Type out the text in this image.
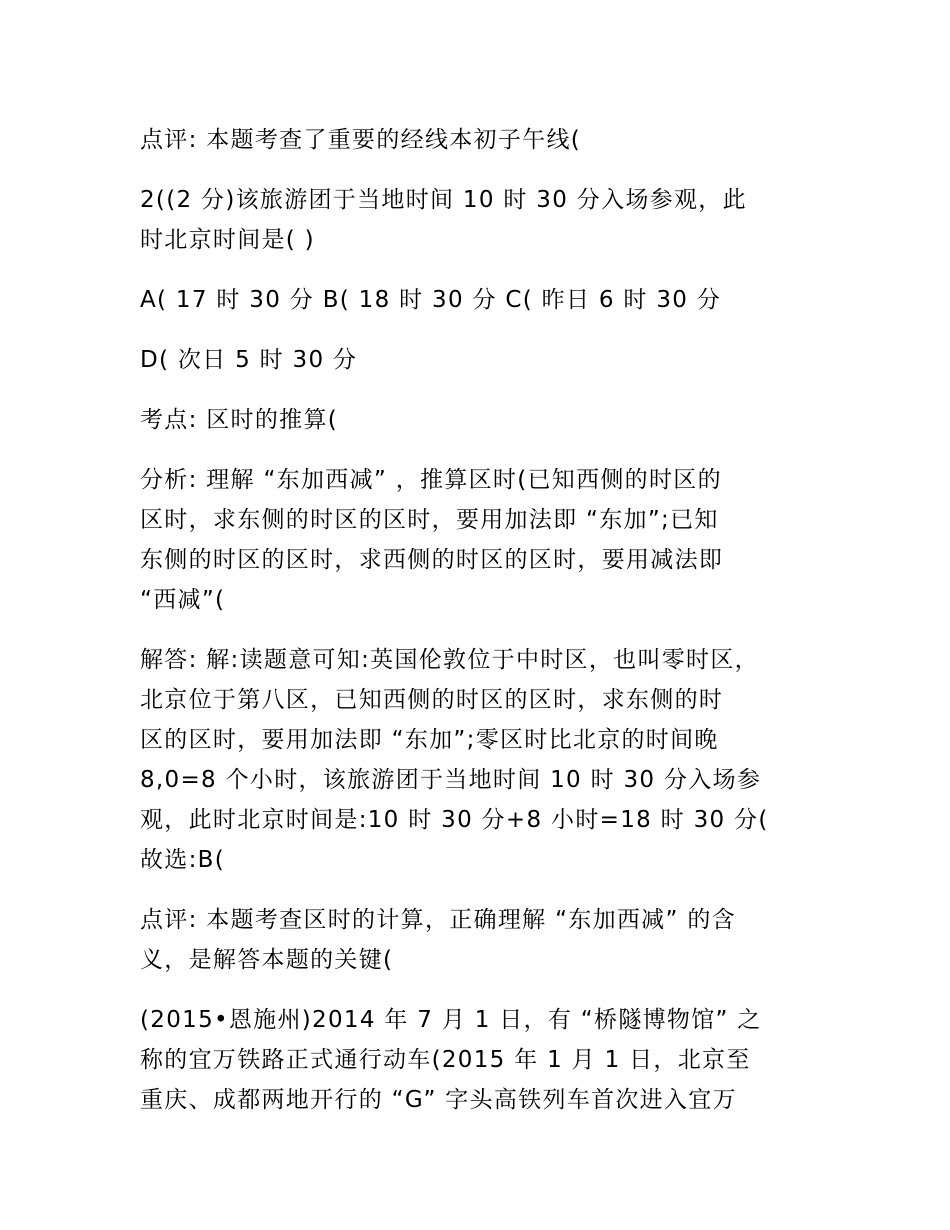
点评: 本题考查了重要的经线本初子午线(

2((2 分)该旅游团于当地时间 10 时 30 分入场参观，此
时北京时间是( )

A( 17 时 30 分 B( 18 时 30 分 C( 昨日 6 时 30 分

D( 次日 5 时 30 分

考点: 区时的推算(

分析: 理解 “东加西减” ，推算区时(已知西侧的时区的
区时，求东侧的时区的区时，要用加法即 “东加”;已知
东侧的时区的区时，求西侧的时区的区时，要用减法即
“西减”(

解答: 解:读题意可知:英国伦敦位于中时区，也叫零时区，
北京位于第八区，已知西侧的时区的区时，求东侧的时
区的区时，要用加法即 “东加”;零区时比北京的时间晚
8,0=8 个小时，该旅游团于当地时间 10 时 30 分入场参
观，此时北京时间是:10 时 30 分+8 小时=18 时 30 分(
故选:B(

点评: 本题考查区时的计算，正确理解 “东加西减” 的含
义，是解答本题的关键(

(2015•恩施州)2014 年 7 月 1 日，有 “桥隧博物馆” 之
称的宜万铁路正式通行动车(2015 年 1 月 1 日，北京至
重庆、成都两地开行的 “G” 字头高铁列车首次进入宜万
